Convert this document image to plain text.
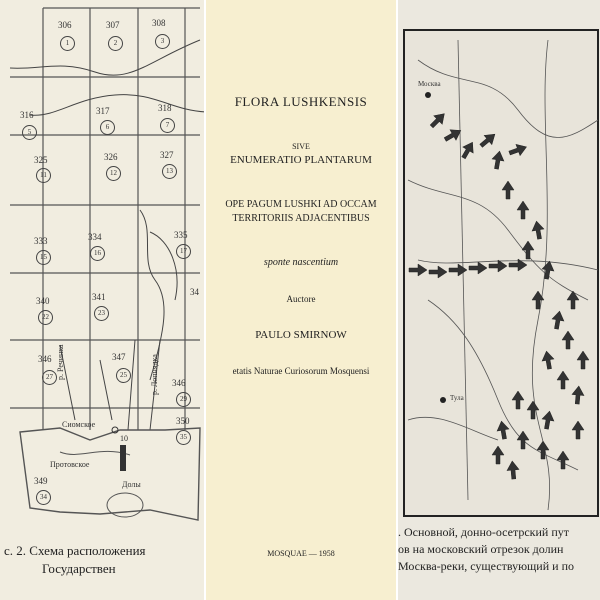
306
1
307
2
308
3
316
5
317
6
318
7
325
11
326
12
327
13
333
15
334
16
335
17
340
22
341
23
34
346
27
347
25
346
29
350
35
349
34
р. Речинка	р. Лопнядка
Сиомское
Протовское
Долы
10
с. 2. Схема расположения
Государствен
FLORA LUSHKENSIS
SIVE
ENUMERATIO PLANTARUM
OPE PAGUM LUSHKI AD OCCAM
TERRITORIIS ADJACENTIBUS
sponte nascentium
Auctore
PAULO SMIRNOW
etatis Naturae Curiosorum Mosquensi
MOSQUAE — 1958
Москва
Тула
. Основной, донно-осетрский пут
ов на московский отрезок долин
Москва-реки, существующий и по
